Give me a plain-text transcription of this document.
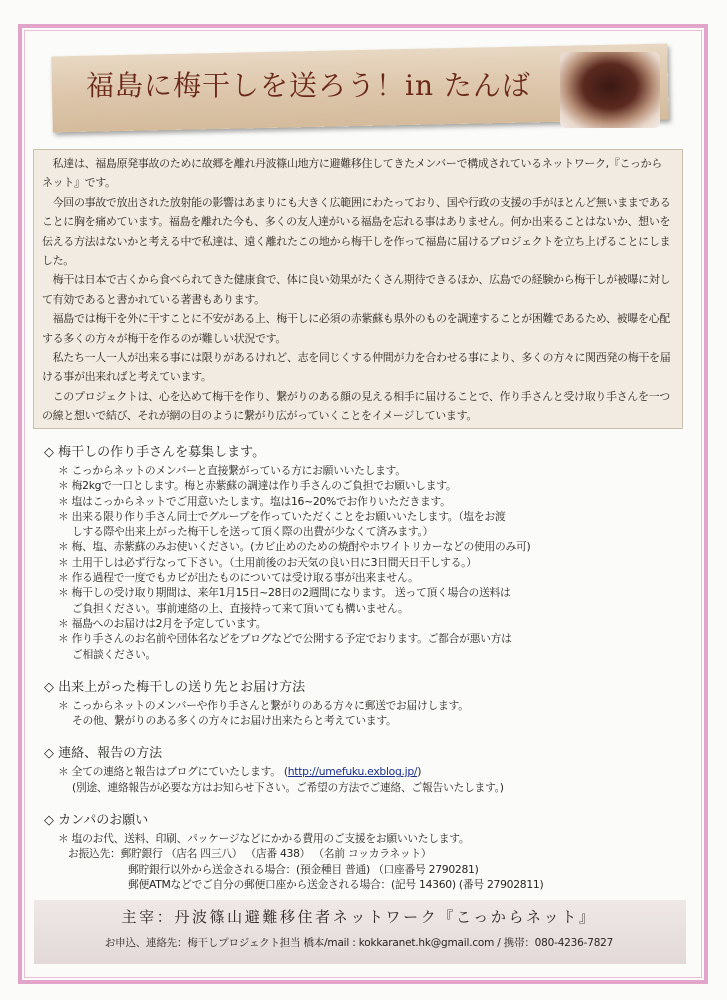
福島に梅干しを送ろう！in たんば

　私達は、福島原発事故のために故郷を離れ丹波篠山地方に避難移住してきたメンバーで構成されているネットワーク,『こっからネット』です。

　今回の事故で放出された放射能の影響はあまりにも大きく広範囲にわたっており、国や行政の支援の手がほとんど無いままであることに胸を痛めています。福島を離れた今も、多くの友人達がいる福島を忘れる事はありません。何か出来ることはないか、想いを伝える方法はないかと考える中で私達は、遠く離れたこの地から梅干しを作って福島に届けるプロジェクトを立ち上げることにしました。

　梅干は日本で古くから食べられてきた健康食で、体に良い効果がたくさん期待できるほか、広島での経験から梅干しが被曝に対して有効であると書かれている著書もあります。

　福島では梅干を外に干すことに不安がある上、梅干しに必須の赤紫蘇も県外のものを調達することが困難であるため、被曝を心配する多くの方々が梅干を作るのが難しい状況です。

　私たち一人一人が出来る事には限りがあるけれど、志を同じくする仲間が力を合わせる事により、多くの方々に関西発の梅干を届ける事が出来ればと考えています。

　このプロジェクトは、心を込めて梅干を作り、繋がりのある顔の見える相手に届けることで、作り手さんと受け取り手さんを一つの線と想いで結び、それが網の目のように繋がり広がっていくことをイメージしています。

◇ 梅干しの作り手さんを募集します。
＊ こっからネットのメンバーと直接繋がっている方にお願いいたします。
＊ 梅2kgで一口とします。梅と赤紫蘇の調達は作り手さんのご負担でお願いします。
＊ 塩はこっからネットでご用意いたします。塩は16~20%でお作りいただきます。
＊ 出来る限り作り手さん同士でグループを作っていただくことをお願いいたします。（塩をお渡
しする際や出来上がった梅干しを送って頂く際の出費が少なくて済みます。）
＊ 梅、塩、赤紫蘇のみお使いください。(カビ止めのための焼酎やホワイトリカーなどの使用のみ可)
＊ 土用干しは必ず行なって下さい。（土用前後のお天気の良い日に3日間天日干しする。）
＊ 作る過程で一度でもカビが出たものについては受け取る事が出来ません。
＊ 梅干しの受け取り期間は、来年1月15日~28日の2週間になります。 送って頂く場合の送料は
ご負担ください。事前連絡の上、直接持って来て頂いても構いません。
＊ 福島へのお届けは2月を予定しています。
＊ 作り手さんのお名前や団体名などをブログなどで公開する予定でおります。ご都合が悪い方は
ご相談ください。
◇ 出来上がった梅干しの送り先とお届け方法
＊ こっからネットのメンバーや作り手さんと繋がりのある方々に郵送でお届けします。
その他、繋がりのある多くの方々にお届け出来たらと考えています。
◇ 連絡、報告の方法
＊ 全ての連絡と報告はブログにていたします。 (http://umefuku.exblog.jp/)
(別途、連絡報告が必要な方はお知らせ下さい。ご希望の方法でご連絡、ご報告いたします。)
◇ カンパのお願い
＊ 塩のお代、送料、印刷、パッケージなどにかかる費用のご支援をお願いいたします。
お振込先：郵貯銀行 （店名 四三八） （店番 438） （名前 コッカラネット）
郵貯銀行以外から送金される場合：(預金種目 普通) （口座番号 2790281)
郵便ATMなどでご自分の郵便口座から送金される場合：(記号 14360) (番号 27902811)
主宰：丹波篠山避難移住者ネットワーク『こっからネット』
お申込、連絡先：梅干しプロジェクト担当 橋本/mail : kokkaranet.hk@gmail.com / 携帯：080-4236-7827
